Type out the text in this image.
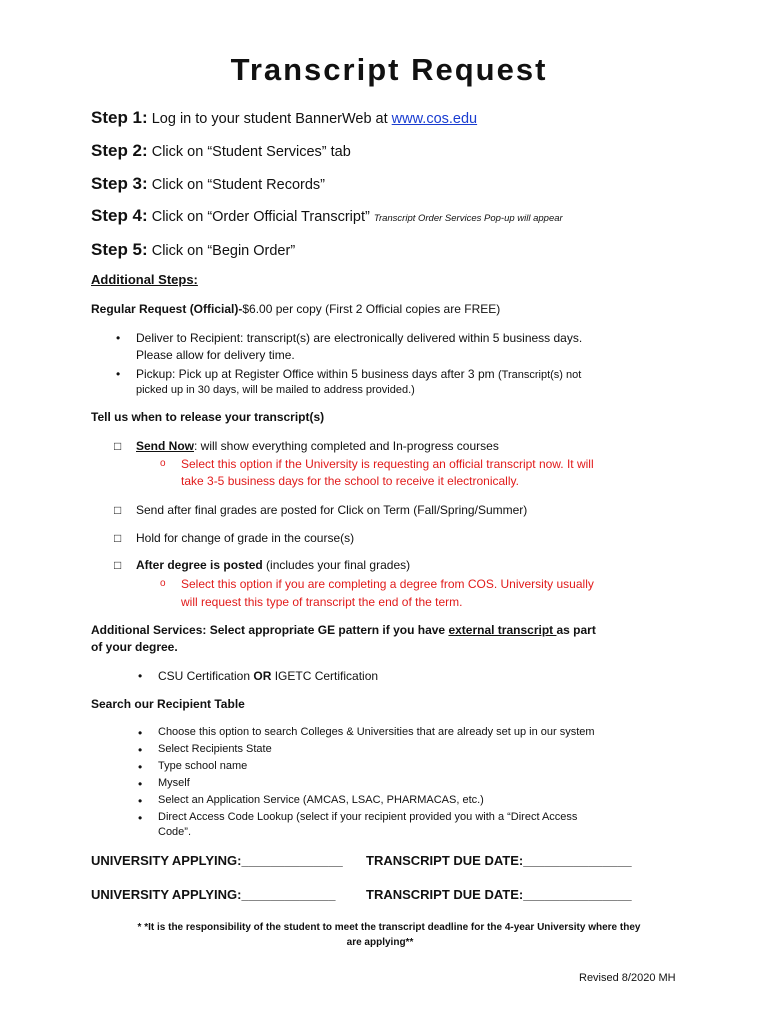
Transcript Request
Step 1: Log in to your student BannerWeb at www.cos.edu
Step 2: Click on “Student Services” tab
Step 3: Click on “Student Records”
Step 4: Click on “Order Official Transcript” Transcript Order Services Pop-up will appear
Step 5: Click on “Begin Order”
Additional Steps:
Regular Request (Official)-$6.00 per copy (First 2 Official copies are FREE)
• Deliver to Recipient: transcript(s) are electronically delivered within 5 business days.
Please allow for delivery time.
• Pickup: Pick up at Register Office within 5 business days after 3 pm (Transcript(s) not
picked up in 30 days, will be mailed to address provided.)
Tell us when to release your transcript(s)
□ Send Now: will show everything completed and In-progress courses
o Select this option if the University is requesting an official transcript now. It will
take 3-5 business days for the school to receive it electronically.
□ Send after final grades are posted for Click on Term (Fall/Spring/Summer)
□ Hold for change of grade in the course(s)
□ After degree is posted (includes your final grades)
o Select this option if you are completing a degree from COS. University usually
will request this type of transcript the end of the term.
Additional Services: Select appropriate GE pattern if you have external transcript as part
of your degree.
• CSU Certification OR IGETC Certification
Search our Recipient Table
• Choose this option to search Colleges & Universities that are already set up in our system
• Select Recipients State
• Type school name
• Myself
• Select an Application Service (AMCAS, LSAC, PHARMACAS, etc.)
• Direct Access Code Lookup (select if your recipient provided you with a “Direct Access
Code”.
UNIVERSITY APPLYING:______________ TRANSCRIPT DUE DATE:_______________
UNIVERSITY APPLYING:_____________ TRANSCRIPT DUE DATE:_______________
* *It is the responsibility of the student to meet the transcript deadline for the 4-year University where they
are applying**
Revised 8/2020 MH
